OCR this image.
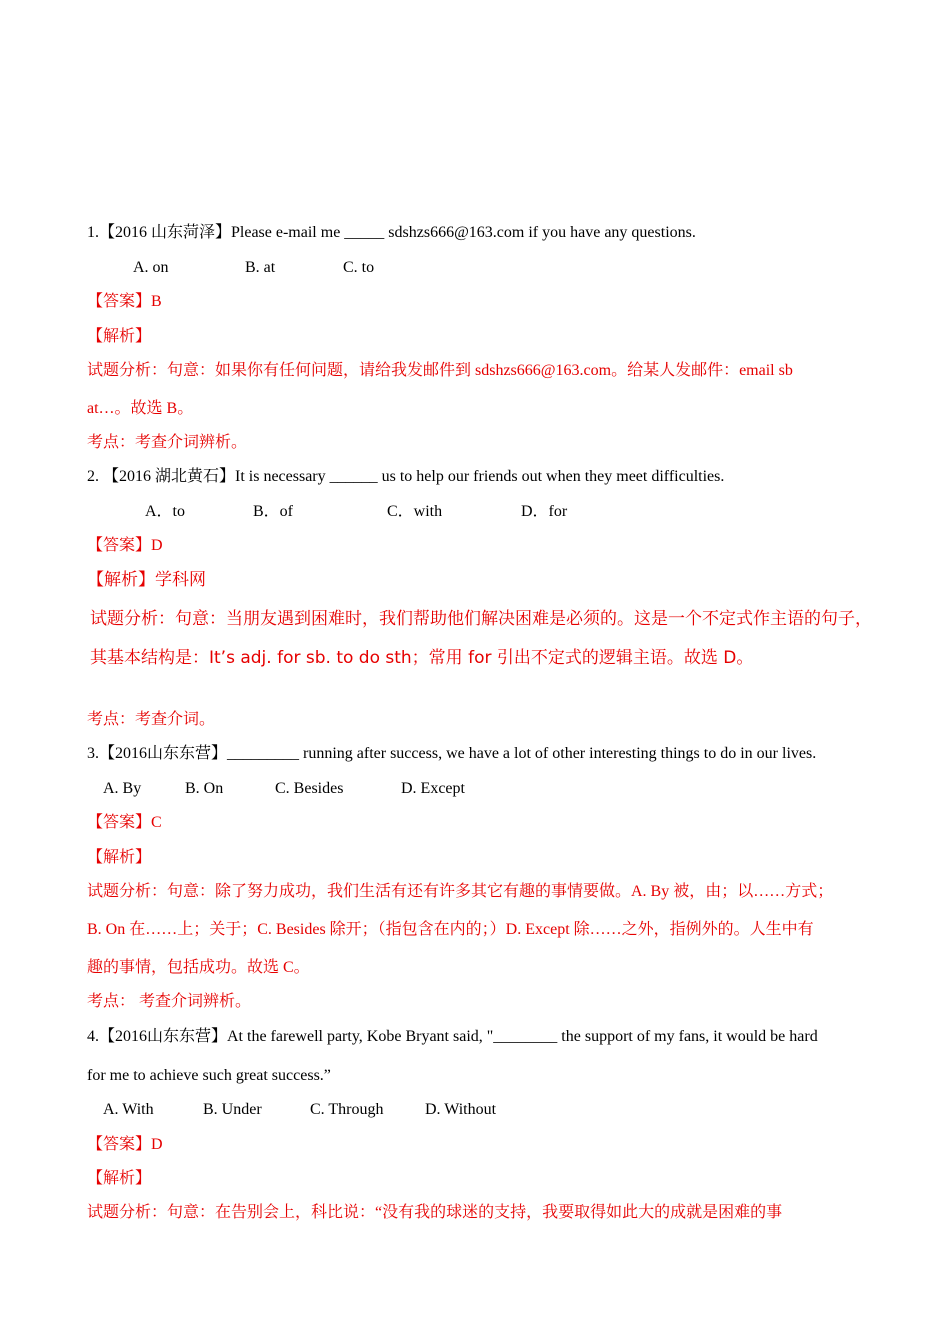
1.【2016 山东菏泽】Please e-mail me _____ sdshzs666@163.com if you have any questions.
A. on	B. at	C. to
【答案】B
【解析】
试题分析：句意：如果你有任何问题，请给我发邮件到 sdshzs666@163.com。给某人发邮件：email sb
at…。故选 B。
考点：考查介词辨析。
2. 【2016 湖北黄石】It is necessary ______ us to help our friends out when they meet difficulties.
A．to	B．of	C．with	D．for
【答案】D
【解析】学科网
试题分析：句意：当朋友遇到困难时，我们帮助他们解决困难是必须的。这是一个不定式作主语的句子，
其基本结构是：It’s adj. for sb. to do sth；常用 for 引出不定式的逻辑主语。故选 D。
考点：考查介词。
3.【2016山东东营】_________ running after success, we have a lot of other interesting things to do in our lives.
A. By	B. On	C. Besides	D. Except
【答案】C
【解析】
试题分析：句意：除了努力成功，我们生活有还有许多其它有趣的事情要做。A. By 被，由；以……方式；
B. On 在……上；关于；C. Besides 除开；（指包含在内的；）D. Except 除……之外，指例外的。人生中有
趣的事情，包括成功。故选 C。
考点： 考查介词辨析。
4.【2016山东东营】At the farewell party, Kobe Bryant said, "________ the support of my fans, it would be hard
for me to achieve such great success.”
A. With	B. Under	C. Through	D. Without
【答案】D
【解析】
试题分析：句意：在告别会上，科比说：“没有我的球迷的支持，我要取得如此大的成就是困难的事
